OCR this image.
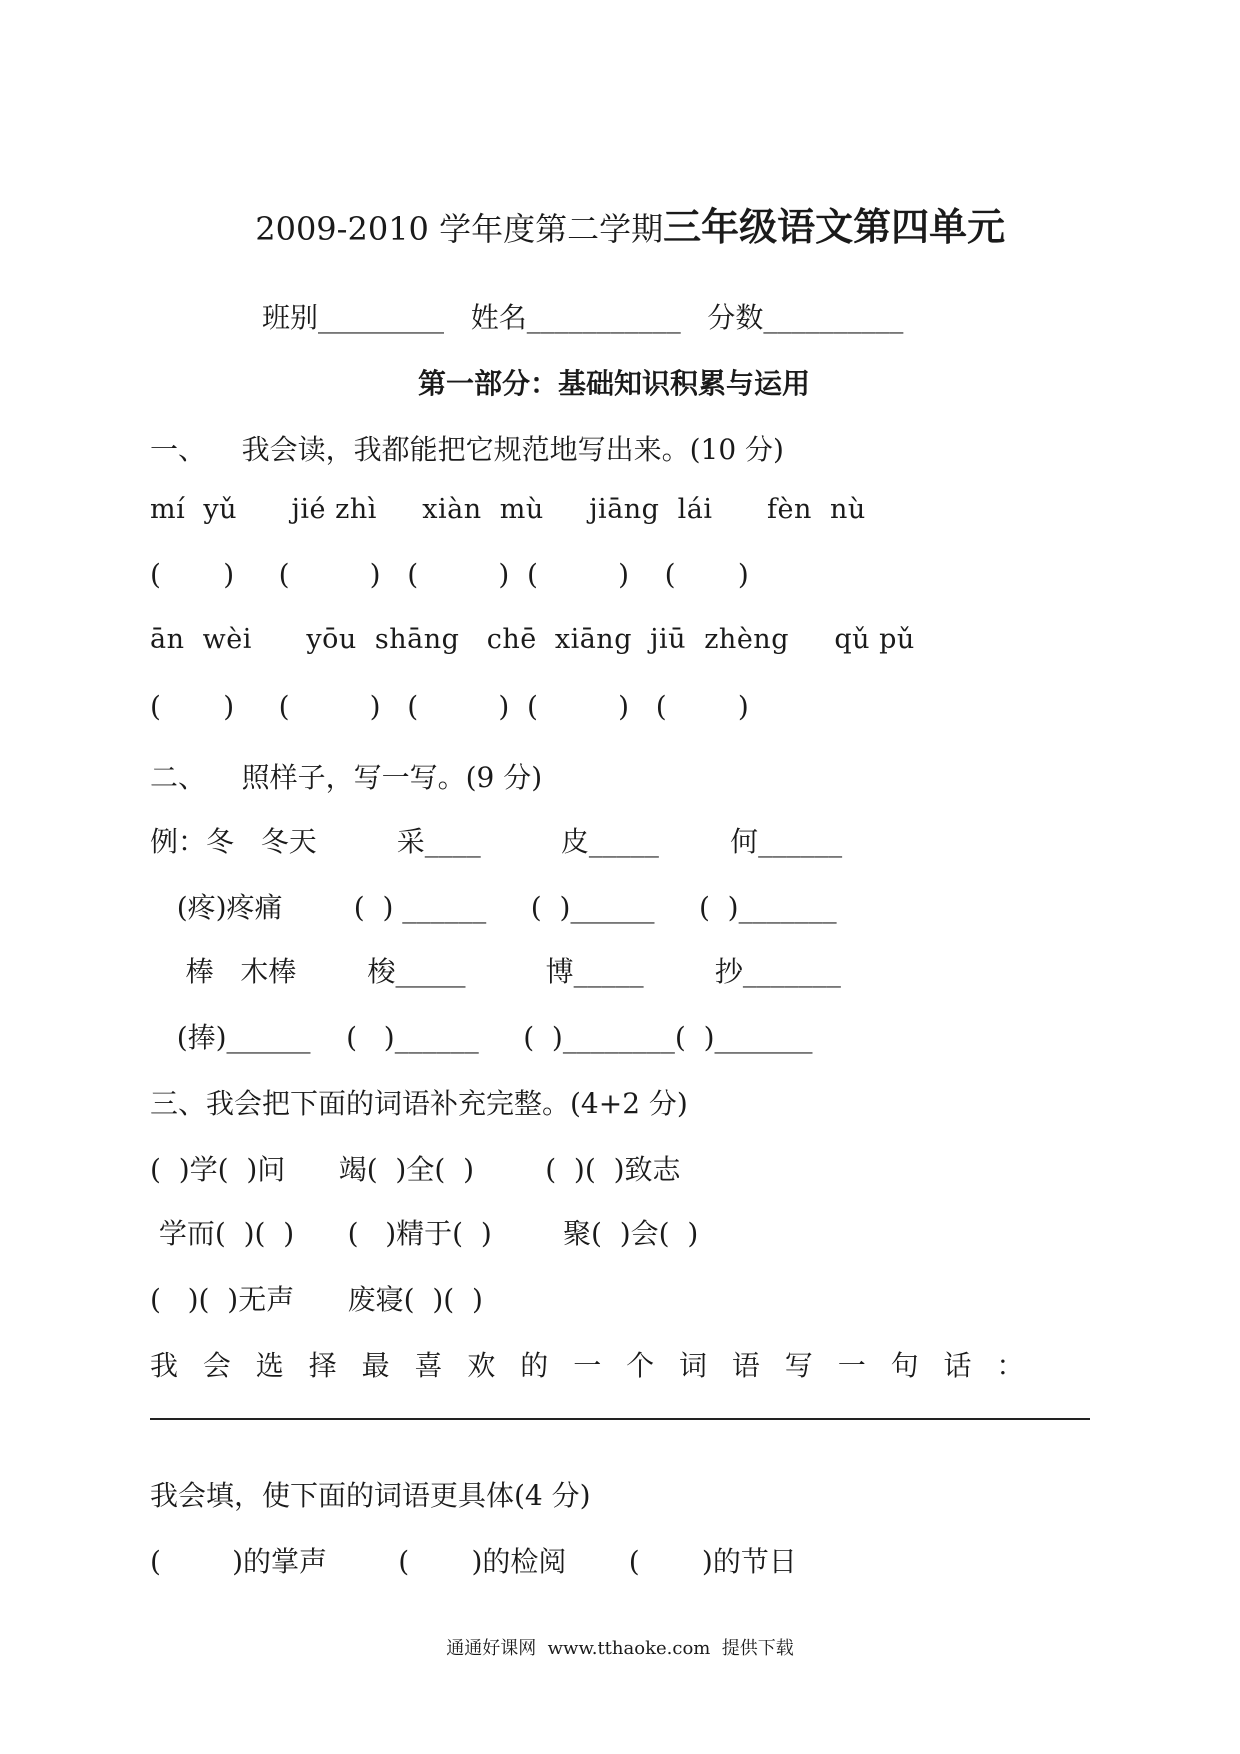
2009-2010 学年度第二学期三年级语文第四单元

班别_________   姓名___________   分数__________
第一部分：基础知识积累与运用
一、    我会读，我都能把它规范地写出来。(10 分)
mí  yǔ      jié zhì     xiàn  mù     jiāng  lái      fèn  nù
(       )     (         )   (         )  (         )    (       )
ān  wèi      yōu  shāng   chē  xiāng  jiū  zhèng     qǔ pǔ
(       )     (         )   (         )  (         )   (        )
二、    照样子，写一写。(9 分)
例：冬   冬天         采____         皮_____        何______
(疼)疼痛        (  ) ______     (  )______     (  )_______
棒   木棒        梭_____         博_____        抄_______
(捧)______    (   )______     (  )________(  )_______
三、我会把下面的词语补充完整。(4+2 分)
(  )学(  )问      竭(  )全(  )        (  )(  )致志
学而(  )(  )      (   )精于(  )        聚(  )会(  )
(   )(  )无声      废寝(  )(  )
我 会 选 择 最 喜 欢 的 一 个 词 语 写 一 句 话 ：
我会填，使下面的词语更具体(4 分)
(        )的掌声        (       )的检阅       (       )的节日
通通好课网  www.tthaoke.com  提供下载
